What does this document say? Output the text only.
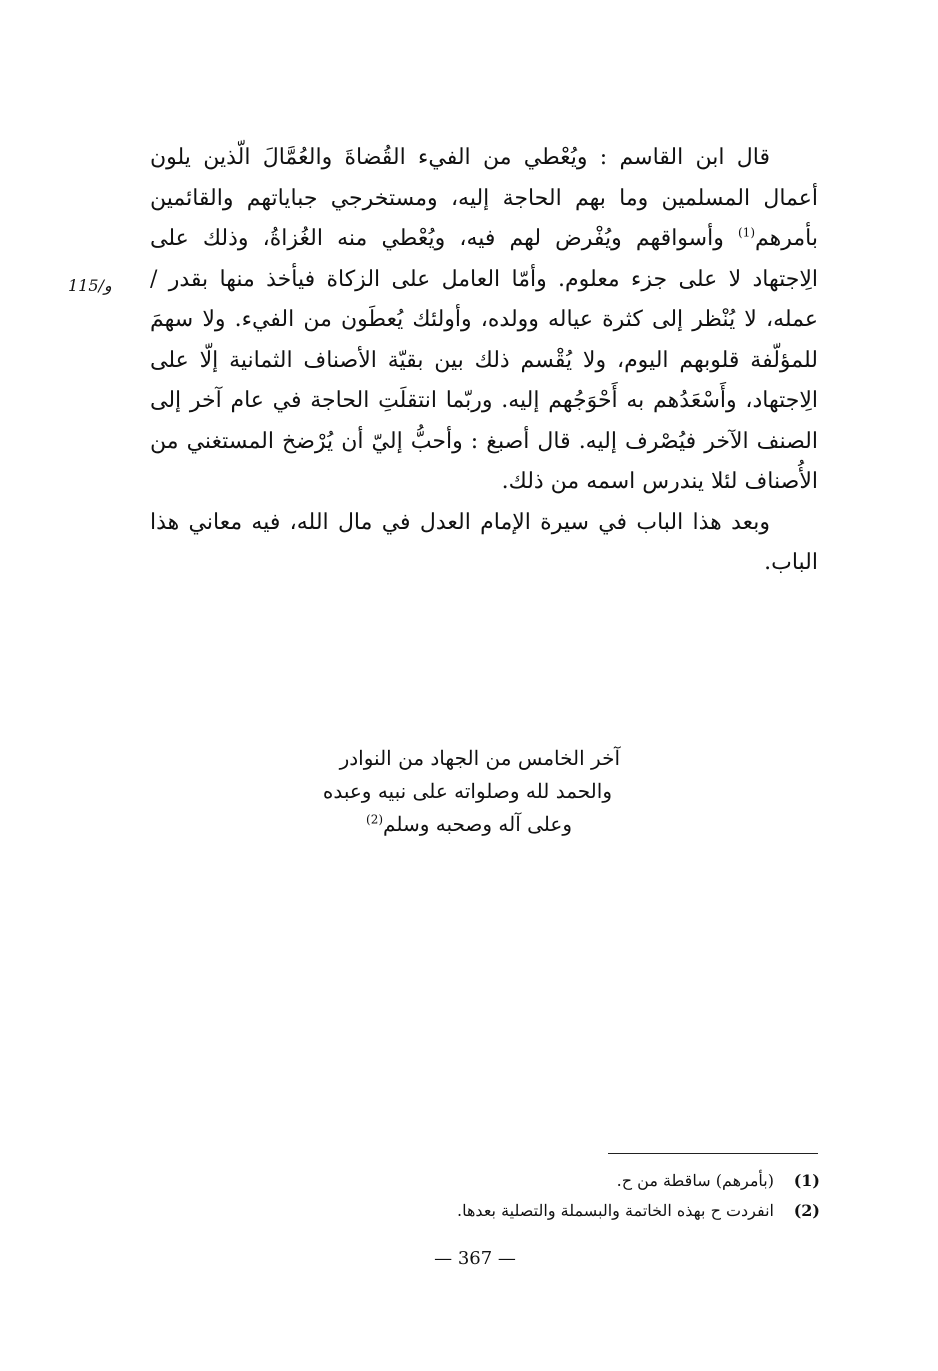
قال ابن القاسم : ويُعْطي من الفيء القُضاةَ والعُمَّالَ الّذين يلون أعمال المسلمين وما بهم الحاجة إليه، ومستخرجي جباياتهم والقائمين بأمرهم$^{(1)}$ وأسواقهم ويُفْرض لهم فيه، ويُعْطي منه الغُزاةُ، وذلك على الِاجتهاد لا على جزء معلوم. وأمّا العامل على الزكاة فيأخذ منها بقدر / عمله، لا يُنْظر إلى كثرة عياله وولده، وأولئك يُعطَون من الفيء. ولا سهمَ للمؤلّفة قلوبهم اليوم، ولا يُقْسم ذلك بين بقيّة الأصناف الثمانية إلّا على الِاجتهاد، وأَسْعَدُهم به أَحْوَجُهم إليه. وربّما انتقلَتِ الحاجة في عام آخر إلى الصنف الآخر فيُصْرف إليه. قال أصبغ : وأحبُّ إليّ أن يُرْضخ المستغني من الأُصناف لئلا يندرس اسمه من ذلك.

وبعد هذا الباب في سيرة الإمام العدل في مال الله، فيه معاني هذا الباب.

115/و
آخر الخامس من الجهاد من النوادر
والحمد لله وصلواته على نبيه وعبده
وعلى آله وصحبه وسلم$^{(2)}$
(1)
(بأمرهم) ساقطة من ح.
(2)
انفردت ح بهذه الخاتمة والبسملة والتصلية بعدها.
— 367 —
